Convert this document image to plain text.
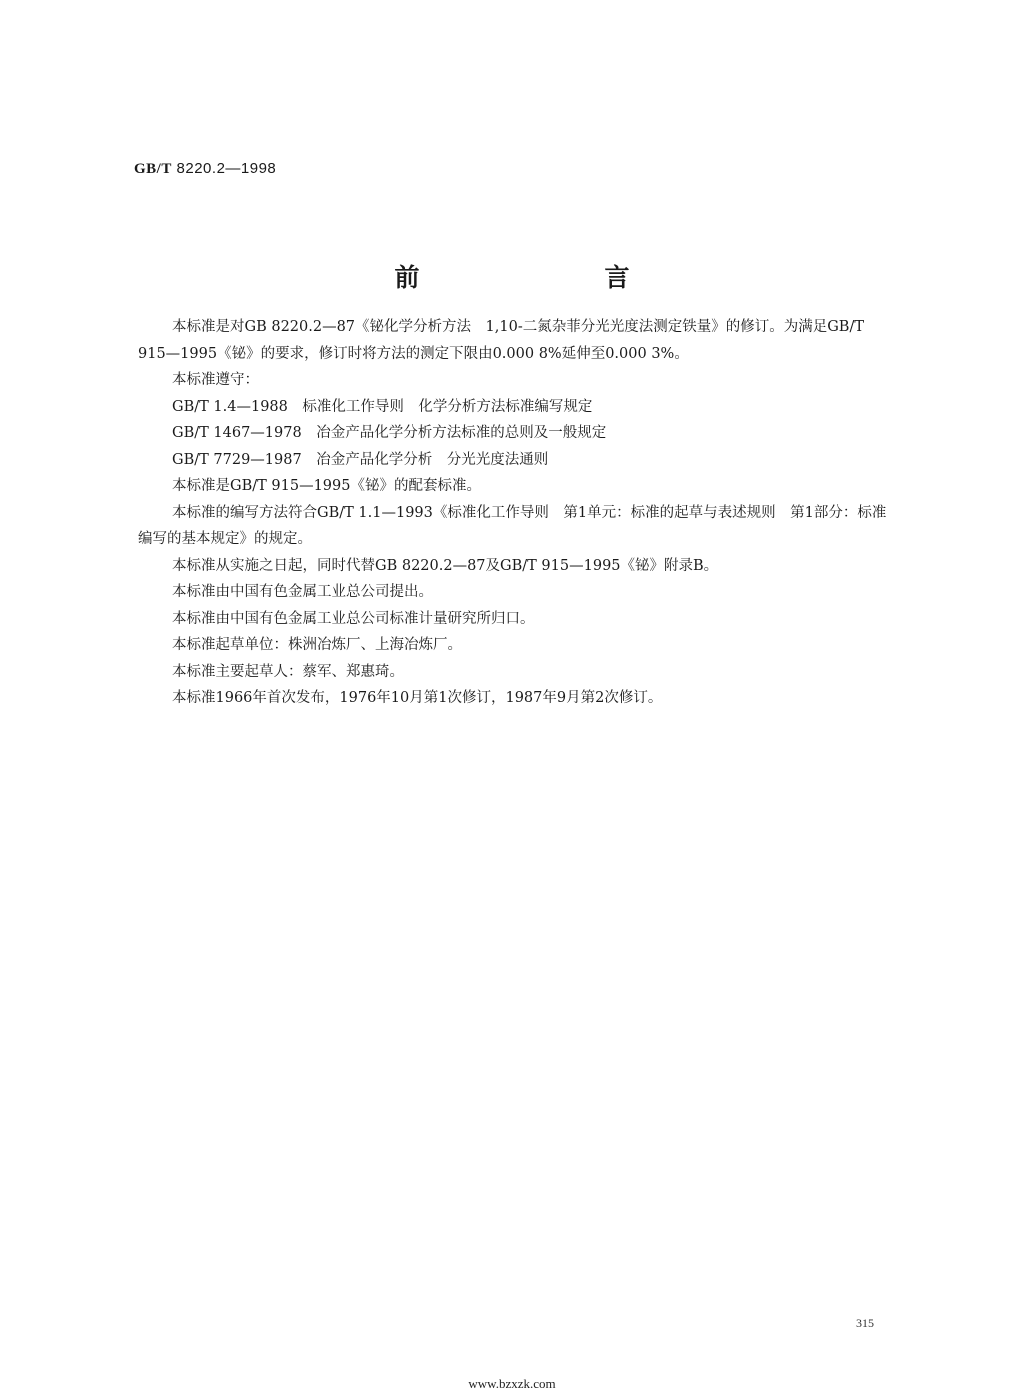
GB/T 8220.2—1998
前　言

本标准是对GB 8220.2—87《铋化学分析方法　1,10-二氮杂菲分光光度法测定铁量》的修订。为满足GB/T 915—1995《铋》的要求，修订时将方法的测定下限由0.000 8%延伸至0.000 3%。

本标准遵守：

GB/T 1.4—1988　标准化工作导则　化学分析方法标准编写规定

GB/T 1467—1978　冶金产品化学分析方法标准的总则及一般规定

GB/T 7729—1987　冶金产品化学分析　分光光度法通则

本标准是GB/T 915—1995《铋》的配套标准。

本标准的编写方法符合GB/T 1.1—1993《标准化工作导则　第1单元：标准的起草与表述规则　第1部分：标准编写的基本规定》的规定。

本标准从实施之日起，同时代替GB 8220.2—87及GB/T 915—1995《铋》附录B。

本标准由中国有色金属工业总公司提出。

本标准由中国有色金属工业总公司标准计量研究所归口。

本标准起草单位：株洲冶炼厂、上海冶炼厂。

本标准主要起草人：蔡军、郑惠琦。

本标准1966年首次发布，1976年10月第1次修订，1987年9月第2次修订。

315
www.bzxzk.com
